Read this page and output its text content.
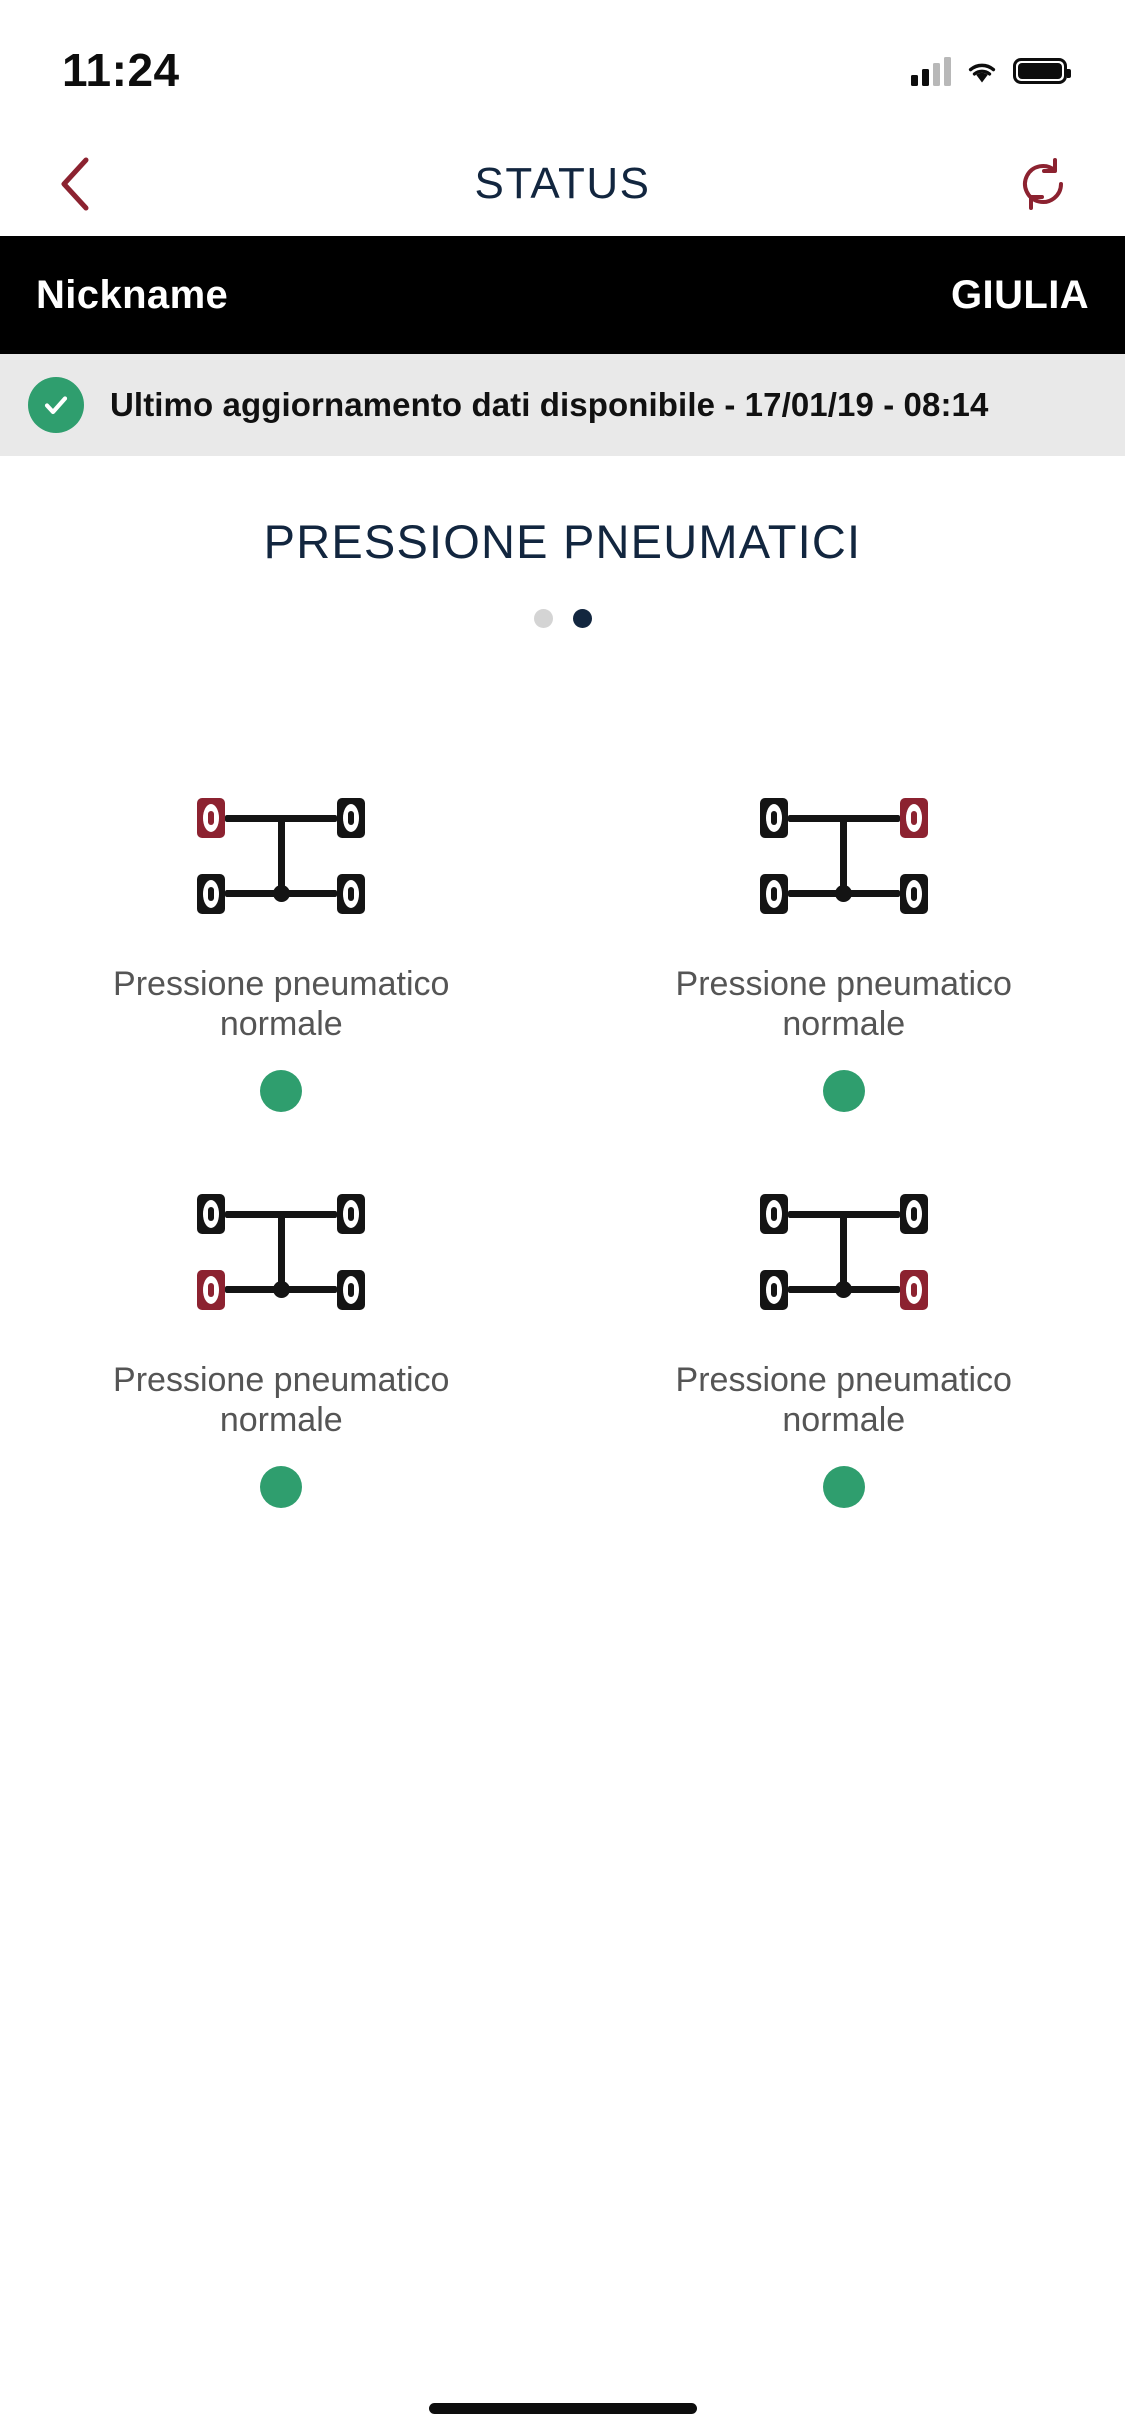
11:24
STATUS
Nickname	GIULIA
Ultimo aggiornamento dati disponibile - 17/01/19 - 08:14
PRESSIONE PNEUMATICI
Pressione pneumatico normale
Pressione pneumatico normale
Pressione pneumatico normale
Pressione pneumatico normale
